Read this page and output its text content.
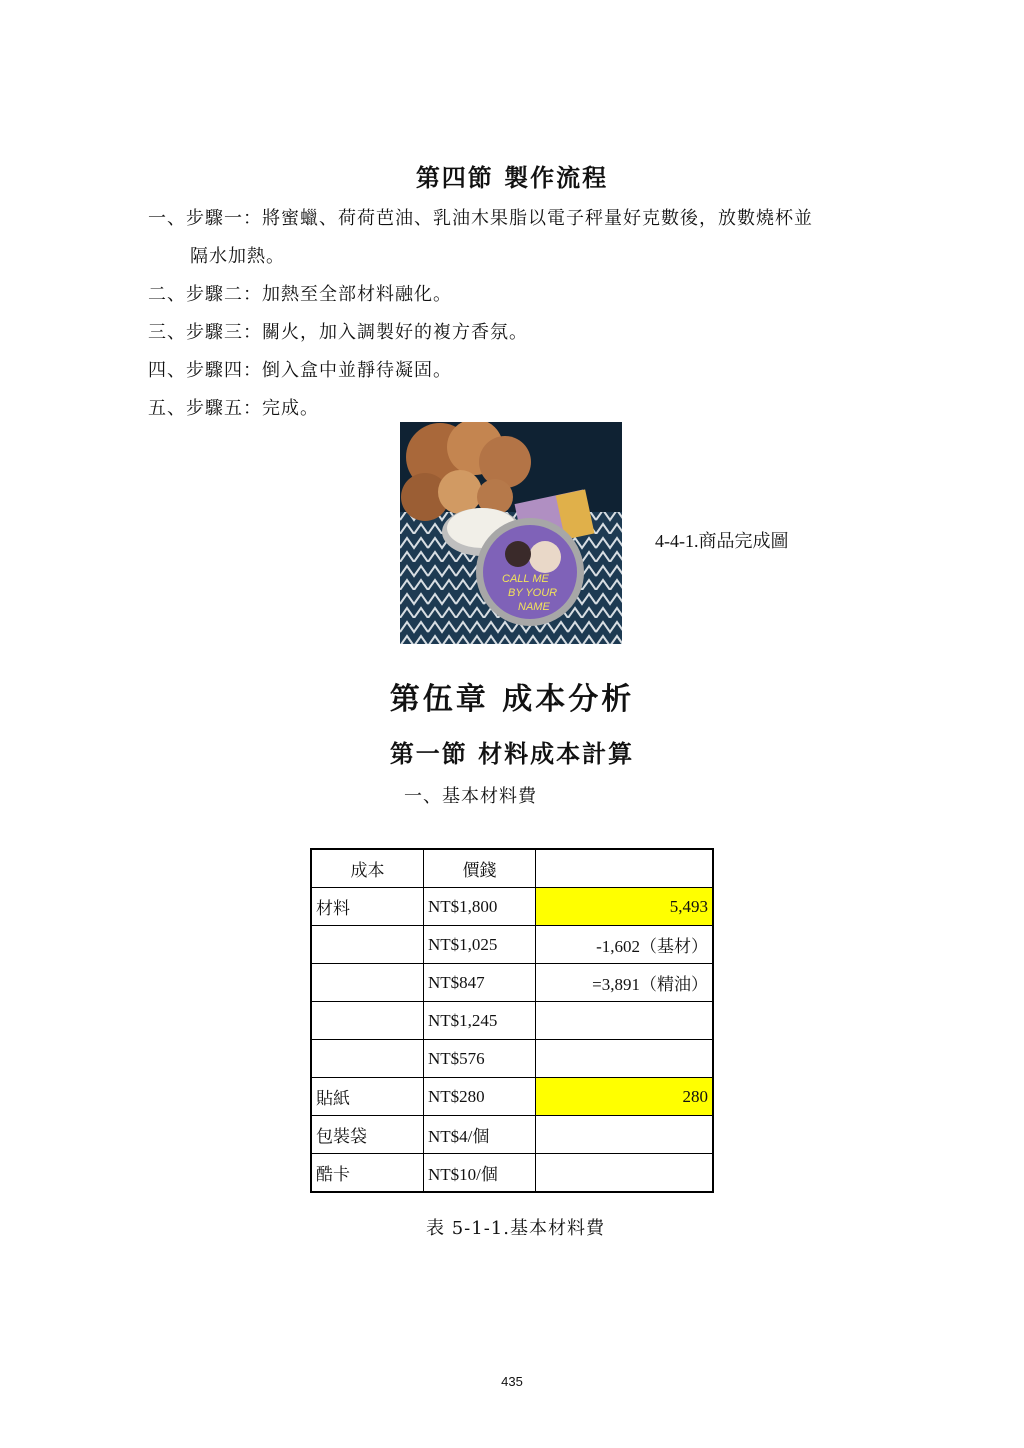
第四節 製作流程
一、步驟一：將蜜蠟、荷荷芭油、乳油木果脂以電子秤量好克數後，放數燒杯並
隔水加熱。
二、步驟二：加熱至全部材料融化。
三、步驟三：關火，加入調製好的複方香氛。
四、步驟四：倒入盒中並靜待凝固。
五、步驟五：完成。
CALL ME
BY YOUR
NAME
4-4-1.商品完成圖
第伍章 成本分析
第一節 材料成本計算
一、基本材料費
成本	價錢	
材料	NT$1,800	5,493
	NT$1,025	-1,602（基材）
	NT$847	=3,891（精油）
	NT$1,245	
	NT$576	
貼紙	NT$280	280
包裝袋	NT$4/個	
酷卡	NT$10/個	
表 5-1-1.基本材料費
435
